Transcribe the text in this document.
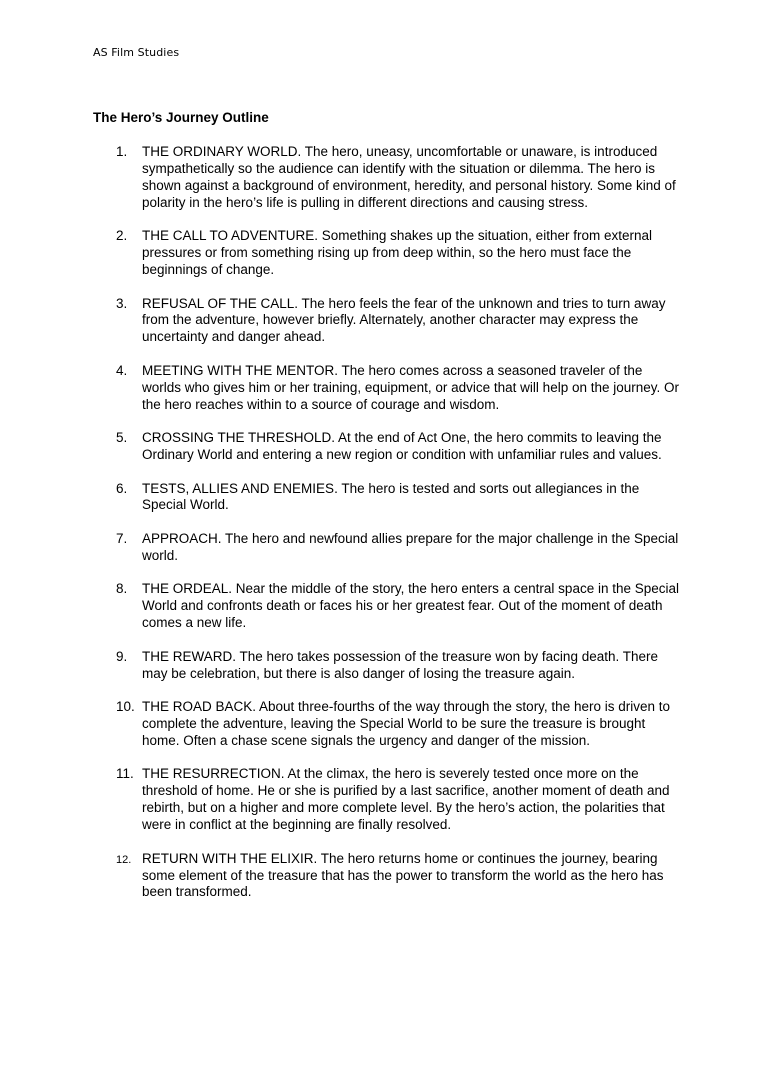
AS Film Studies
The Hero’s Journey Outline
1. THE ORDINARY WORLD. The hero, uneasy, uncomfortable or unaware, is introduced sympathetically so the audience can identify with the situation or dilemma. The hero is shown against a background of environment, heredity, and personal history. Some kind of polarity in the hero’s life is pulling in different directions and causing stress.
2. THE CALL TO ADVENTURE. Something shakes up the situation, either from external pressures or from something rising up from deep within, so the hero must face the beginnings of change.
3. REFUSAL OF THE CALL. The hero feels the fear of the unknown and tries to turn away from the adventure, however briefly. Alternately, another character may express the uncertainty and danger ahead.
4. MEETING WITH THE MENTOR. The hero comes across a seasoned traveler of the worlds who gives him or her training, equipment, or advice that will help on the journey. Or the hero reaches within to a source of courage and wisdom.
5. CROSSING THE THRESHOLD. At the end of Act One, the hero commits to leaving the Ordinary World and entering a new region or condition with unfamiliar rules and values.
6. TESTS, ALLIES AND ENEMIES. The hero is tested and sorts out allegiances in the Special World.
7. APPROACH. The hero and newfound allies prepare for the major challenge in the Special world.
8. THE ORDEAL. Near the middle of the story, the hero enters a central space in the Special World and confronts death or faces his or her greatest fear. Out of the moment of death comes a new life.
9. THE REWARD. The hero takes possession of the treasure won by facing death. There may be celebration, but there is also danger of losing the treasure again.
10. THE ROAD BACK. About three-fourths of the way through the story, the hero is driven to complete the adventure, leaving the Special World to be sure the treasure is brought home. Often a chase scene signals the urgency and danger of the mission.
11. THE RESURRECTION. At the climax, the hero is severely tested once more on the threshold of home. He or she is purified by a last sacrifice, another moment of death and rebirth, but on a higher and more complete level. By the hero’s action, the polarities that were in conflict at the beginning are finally resolved.
12. RETURN WITH THE ELIXIR. The hero returns home or continues the journey, bearing some element of the treasure that has the power to transform the world as the hero has been transformed.
